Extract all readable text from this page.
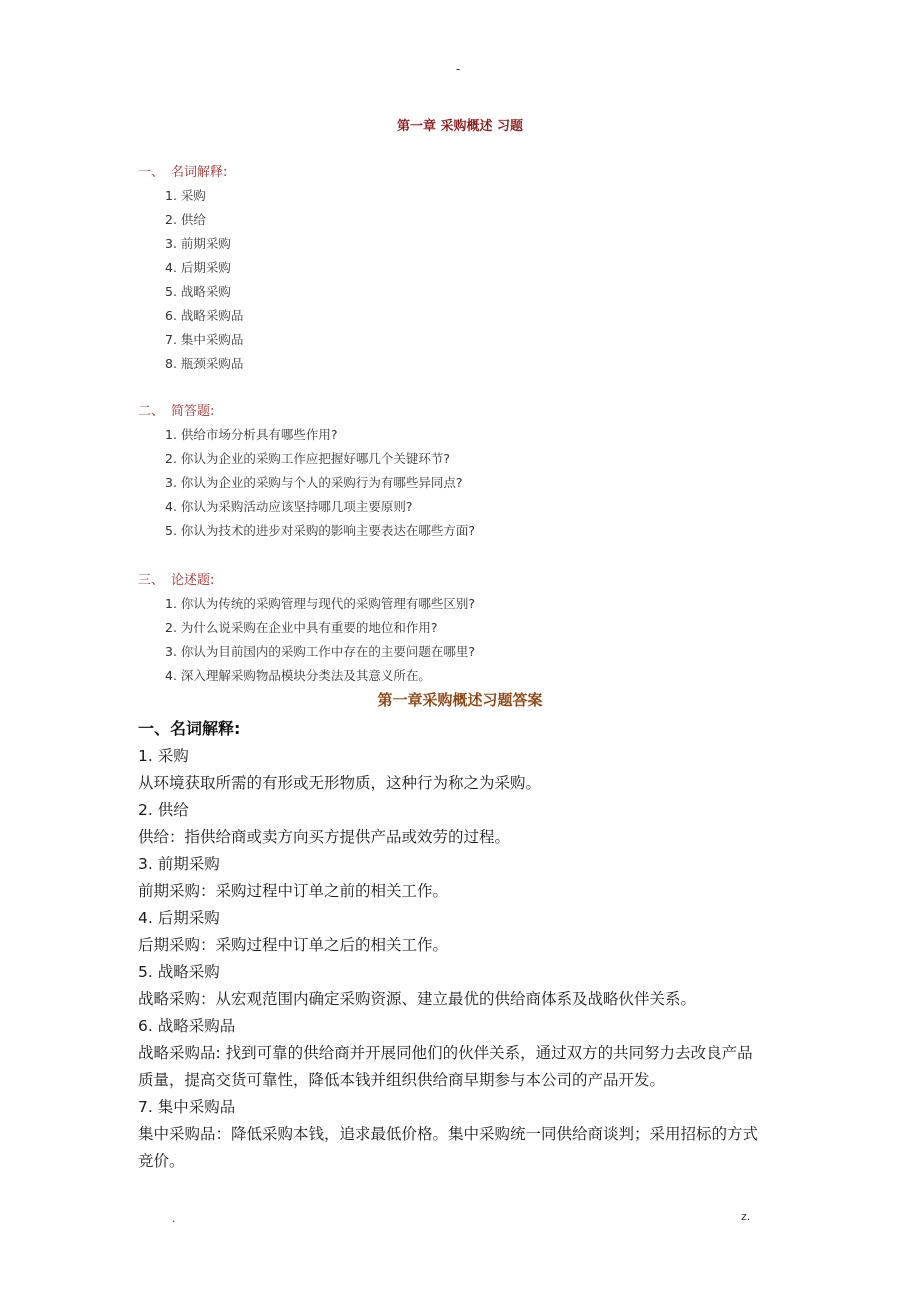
-
第一章 采购概述 习题
一、 名词解释:
1. 采购
2. 供给
3. 前期采购
4. 后期采购
5. 战略采购
6. 战略采购品
7. 集中采购品
8. 瓶颈采购品
二、 简答题:
1. 供给市场分析具有哪些作用?
2. 你认为企业的采购工作应把握好哪几个关键环节?
3. 你认为企业的采购与个人的采购行为有哪些异同点?
4. 你认为采购活动应该坚持哪几项主要原则?
5. 你认为技术的进步对采购的影响主要表达在哪些方面?
三、 论述题:
1. 你认为传统的采购管理与现代的采购管理有哪些区别?
2. 为什么说采购在企业中具有重要的地位和作用?
3. 你认为目前国内的采购工作中存在的主要问题在哪里?
4. 深入理解采购物品模块分类法及其意义所在。
第一章采购概述习题答案
一、名词解释:
1. 采购
从环境获取所需的有形或无形物质，这种行为称之为采购。
2. 供给
供给：指供给商或卖方向买方提供产品或效劳的过程。
3. 前期采购
前期采购：采购过程中订单之前的相关工作。
4. 后期采购
后期采购：采购过程中订单之后的相关工作。
5. 战略采购
战略采购：从宏观范围内确定采购资源、建立最优的供给商体系及战略伙伴关系。
6. 战略采购品
战略采购品: 找到可靠的供给商并开展同他们的伙伴关系，通过双方的共同努力去改良产品
质量，提高交货可靠性，降低本钱并组织供给商早期参与本公司的产品开发。
7. 集中采购品
集中采购品：降低采购本钱，追求最低价格。集中采购统一同供给商谈判；采用招标的方式
竞价。
.	z.
